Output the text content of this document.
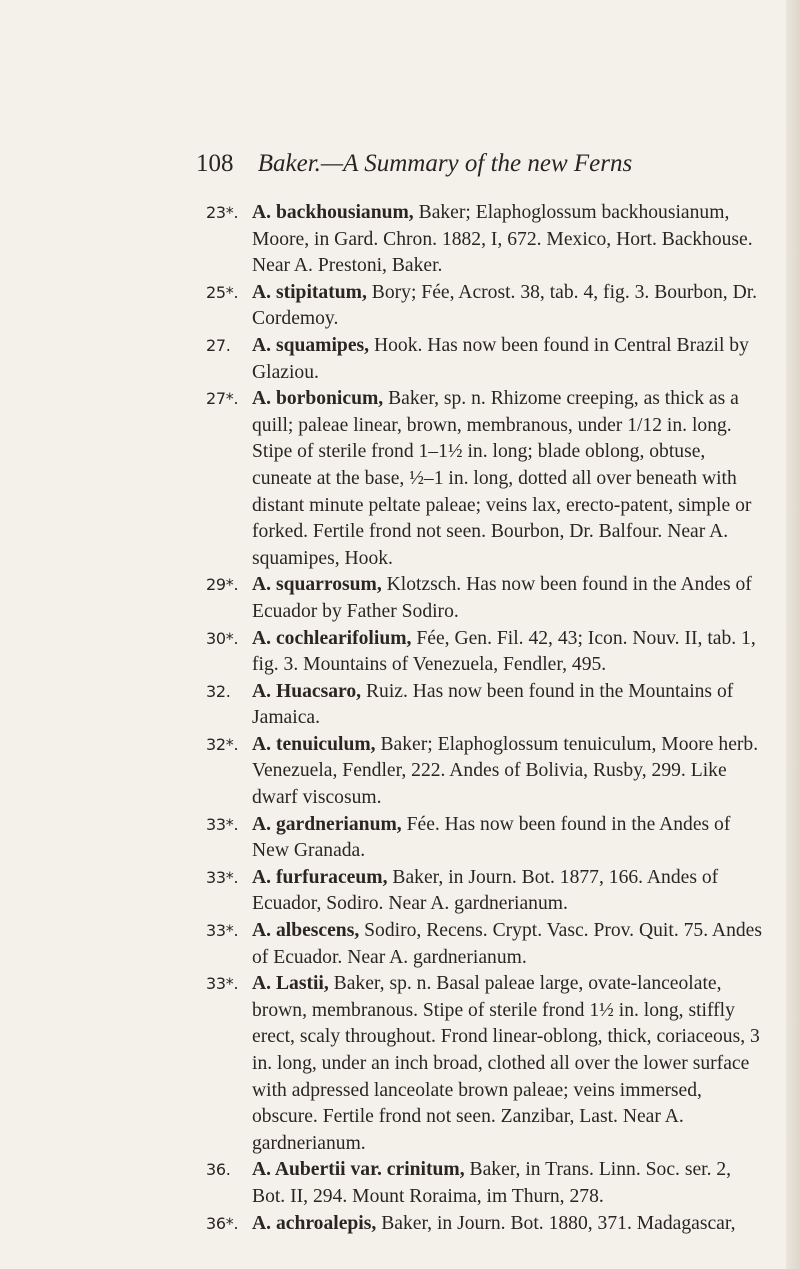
108 Baker.—A Summary of the new Ferns
23*. A. backhousianum, Baker; Elaphoglossum backhousianum, Moore, in Gard. Chron. 1882, I, 672. Mexico, Hort. Backhouse. Near A. Prestoni, Baker.
25*. A. stipitatum, Bory; Fée, Acrost. 38, tab. 4, fig. 3. Bourbon, Dr. Cordemoy.
27. A. squamipes, Hook. Has now been found in Central Brazil by Glaziou.
27*. A. borbonicum, Baker, sp. n. Rhizome creeping, as thick as a quill; paleae linear, brown, membranous, under 1/12 in. long. Stipe of sterile frond 1–1½ in. long; blade oblong, obtuse, cuneate at the base, ½–1 in. long, dotted all over beneath with distant minute peltate paleae; veins lax, erecto-patent, simple or forked. Fertile frond not seen. Bourbon, Dr. Balfour. Near A. squamipes, Hook.
29*. A. squarrosum, Klotzsch. Has now been found in the Andes of Ecuador by Father Sodiro.
30*. A. cochlearifolium, Fée, Gen. Fil. 42, 43; Icon. Nouv. II, tab. 1, fig. 3. Mountains of Venezuela, Fendler, 495.
32. A. Huacsaro, Ruiz. Has now been found in the Mountains of Jamaica.
32*. A. tenuiculum, Baker; Elaphoglossum tenuiculum, Moore herb. Venezuela, Fendler, 222. Andes of Bolivia, Rusby, 299. Like dwarf viscosum.
33*. A. gardnerianum, Fée. Has now been found in the Andes of New Granada.
33*. A. furfuraceum, Baker, in Journ. Bot. 1877, 166. Andes of Ecuador, Sodiro. Near A. gardnerianum.
33*. A. albescens, Sodiro, Recens. Crypt. Vasc. Prov. Quit. 75. Andes of Ecuador. Near A. gardnerianum.
33*. A. Lastii, Baker, sp. n. Basal paleae large, ovate-lanceolate, brown, membranous. Stipe of sterile frond 1½ in. long, stiffly erect, scaly throughout. Frond linear-oblong, thick, coriaceous, 3 in. long, under an inch broad, clothed all over the lower surface with adpressed lanceolate brown paleae; veins immersed, obscure. Fertile frond not seen. Zanzibar, Last. Near A. gardnerianum.
36. A. Aubertii var. crinitum, Baker, in Trans. Linn. Soc. ser. 2, Bot. II, 294. Mount Roraima, im Thurn, 278.
36*. A. achroalepis, Baker, in Journ. Bot. 1880, 371. Madagascar,
